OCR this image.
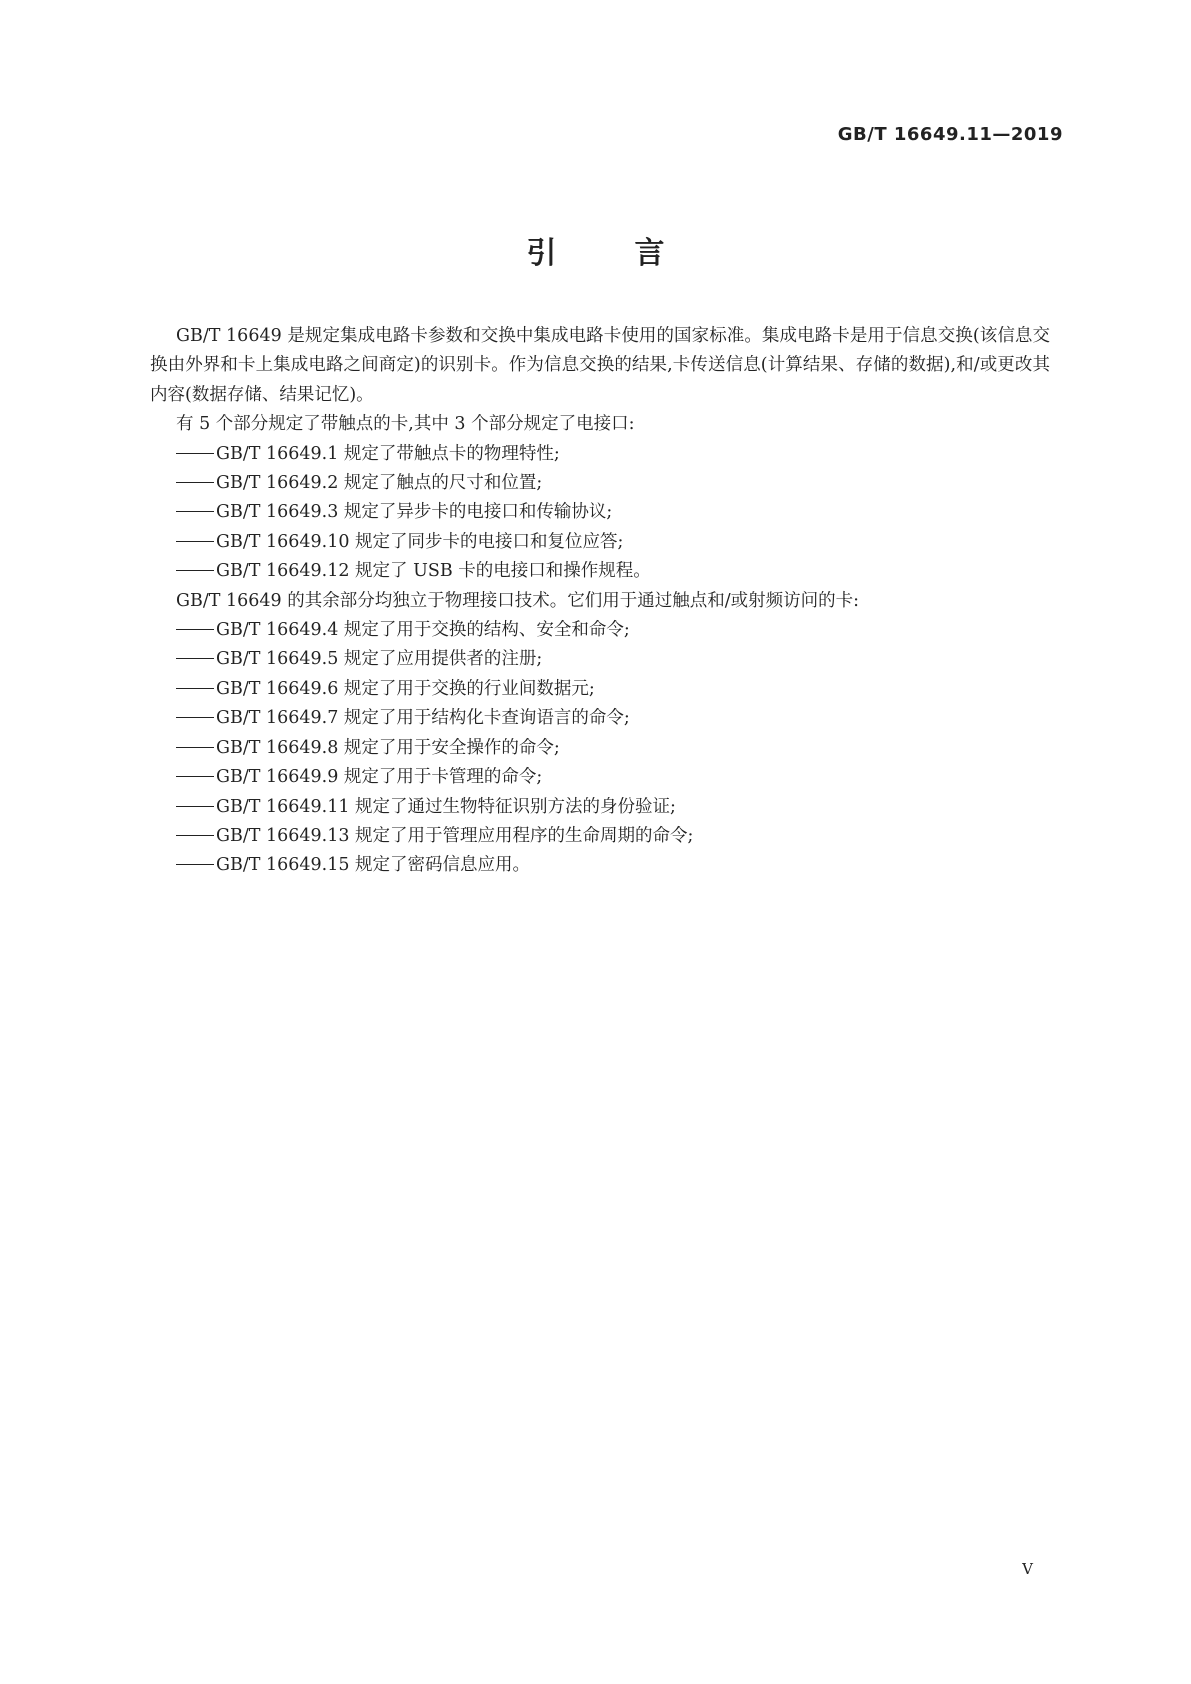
GB/T 16649.11—2019
引言

GB/T 16649 是规定集成电路卡参数和交换中集成电路卡使用的国家标准。集成电路卡是用于信息交换(该信息交换由外界和卡上集成电路之间商定)的识别卡。作为信息交换的结果,卡传送信息(计算结果、存储的数据),和/或更改其内容(数据存储、结果记忆)。

有 5 个部分规定了带触点的卡,其中 3 个部分规定了电接口:

GB/T 16649.1 规定了带触点卡的物理特性;
GB/T 16649.2 规定了触点的尺寸和位置;
GB/T 16649.3 规定了异步卡的电接口和传输协议;
GB/T 16649.10 规定了同步卡的电接口和复位应答;
GB/T 16649.12 规定了 USB 卡的电接口和操作规程。

GB/T 16649 的其余部分均独立于物理接口技术。它们用于通过触点和/或射频访问的卡:

GB/T 16649.4 规定了用于交换的结构、安全和命令;
GB/T 16649.5 规定了应用提供者的注册;
GB/T 16649.6 规定了用于交换的行业间数据元;
GB/T 16649.7 规定了用于结构化卡查询语言的命令;
GB/T 16649.8 规定了用于安全操作的命令;
GB/T 16649.9 规定了用于卡管理的命令;
GB/T 16649.11 规定了通过生物特征识别方法的身份验证;
GB/T 16649.13 规定了用于管理应用程序的生命周期的命令;
GB/T 16649.15 规定了密码信息应用。
V
